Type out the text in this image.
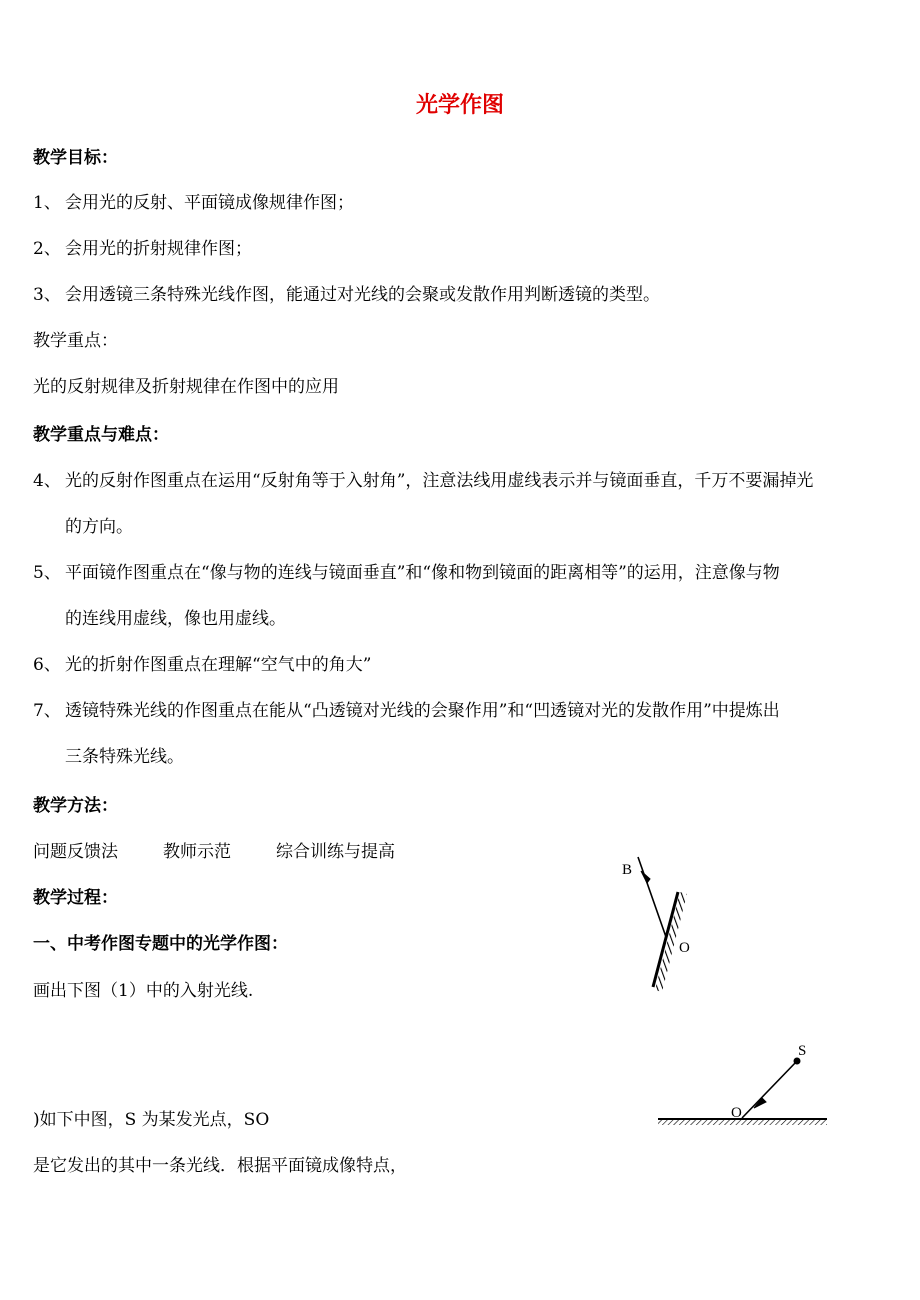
光学作图
教学目标：
1、 会用光的反射、平面镜成像规律作图；
2、 会用光的折射规律作图；
3、 会用透镜三条特殊光线作图，能通过对光线的会聚或发散作用判断透镜的类型。
教学重点：
光的反射规律及折射规律在作图中的应用
教学重点与难点：
4、 光的反射作图重点在运用“反射角等于入射角”，注意法线用虚线表示并与镜面垂直，千万不要漏掉光
的方向。
5、 平面镜作图重点在“像与物的连线与镜面垂直”和“像和物到镜面的距离相等”的运用，注意像与物
的连线用虚线，像也用虚线。
6、 光的折射作图重点在理解“空气中的角大”
7、 透镜特殊光线的作图重点在能从“凸透镜对光线的会聚作用”和“凹透镜对光的发散作用”中提炼出
三条特殊光线。
教学方法：
问题反馈法	教师示范	综合训练与提高
教学过程：
一、中考作图专题中的光学作图：
画出下图（1）中的入射光线.
)如下中图，S 为某发光点，SO
是它发出的其中一条光线．根据平面镜成像特点，
B
O
S
O
